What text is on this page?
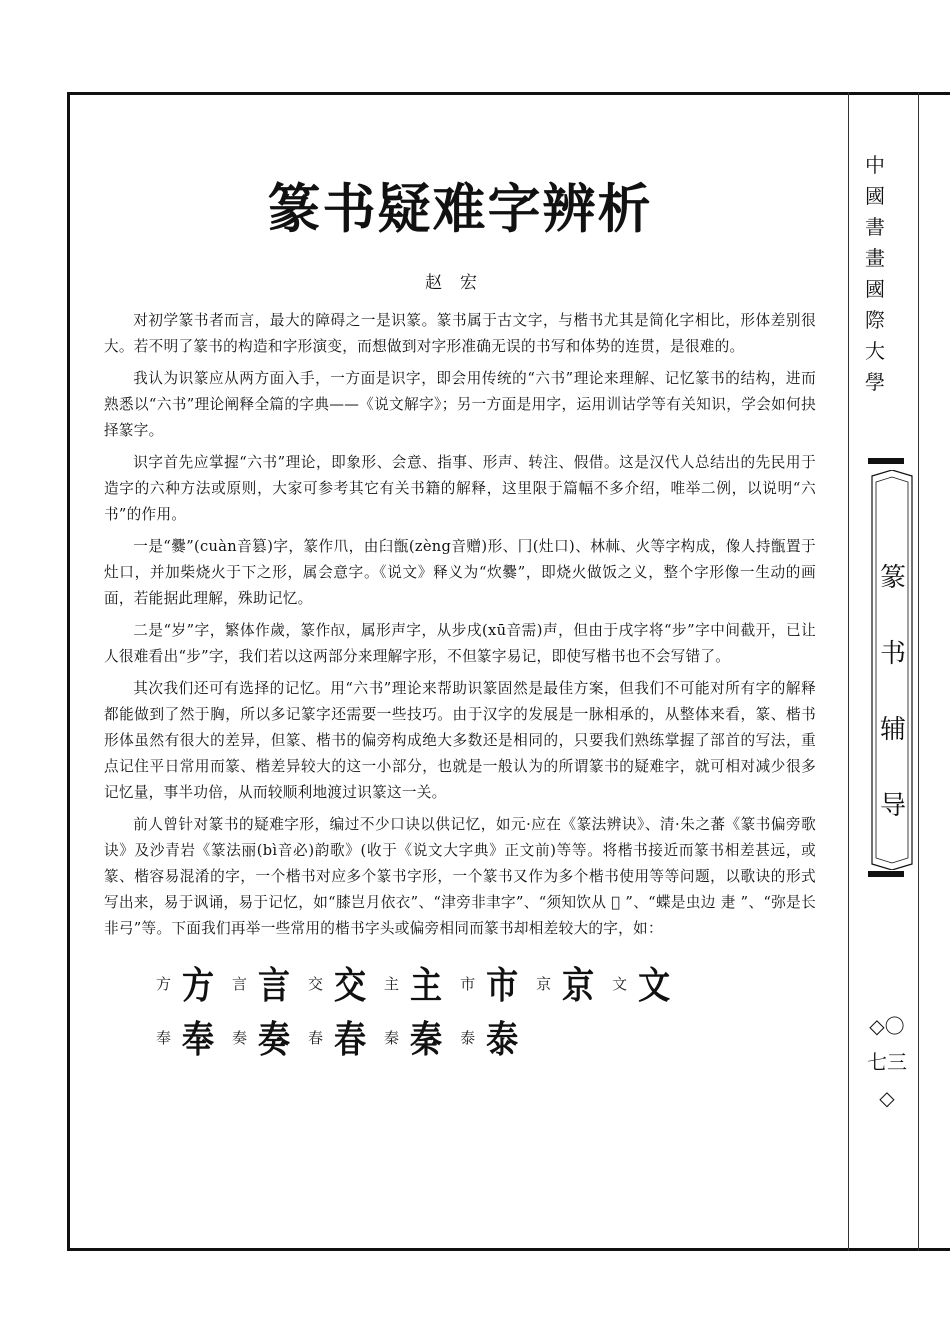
篆书疑难字辨析
赵宏

对初学篆书者而言，最大的障碍之一是识篆。篆书属于古文字，与楷书尤其是简化字相比，形体差别很大。若不明了篆书的构造和字形演变，而想做到对字形准确无误的书写和体势的连贯，是很难的。

我认为识篆应从两方面入手，一方面是识字，即会用传统的“六书”理论来理解、记忆篆书的结构，进而熟悉以“六书”理论阐释全篇的字典——《说文解字》；另一方面是用字，运用训诂学等有关知识，学会如何抉择篆字。

识字首先应掌握“六书”理论，即象形、会意、指事、形声、转注、假借。这是汉代人总结出的先民用于造字的六种方法或原则，大家可参考其它有关书籍的解释，这里限于篇幅不多介绍，唯举二例，以说明“六书”的作用。

一是“爨”(cuàn音篡)字，篆作𤓯，由𦥑甑(zèng音赠)形、冂(灶口)、林𣏟、火等字构成，像人持甑置于灶口，并加柴烧火于下之形，属会意字。《说文》释义为“炊爨”，即烧火做饭之义，整个字形像一生动的画面，若能据此理解，殊助记忆。

二是“岁”字，繁体作歲，篆作𣦻，属形声字，从步戌(xū音需)声，但由于戌字将“步”字中间截开，已让人很难看出“步”字，我们若以这两部分来理解字形，不但篆字易记，即使写楷书也不会写错了。

其次我们还可有选择的记忆。用“六书”理论来帮助识篆固然是最佳方案，但我们不可能对所有字的解释都能做到了然于胸，所以多记篆字还需要一些技巧。由于汉字的发展是一脉相承的，从整体来看，篆、楷书形体虽然有很大的差异，但篆、楷书的偏旁构成绝大多数还是相同的，只要我们熟练掌握了部首的写法，重点记住平日常用而篆、楷差异较大的这一小部分，也就是一般认为的所谓篆书的疑难字，就可相对减少很多记忆量，事半功倍，从而较顺利地渡过识篆这一关。

前人曾针对篆书的疑难字形，编过不少口诀以供记忆，如元·应在《篆法辨诀》、清·朱之蕃《篆书偏旁歌诀》及沙青岩《篆法丽(bì音必)韵歌》(收于《说文大字典》正文前)等等。将楷书接近而篆书相差甚远，或篆、楷容易混淆的字，一个楷书对应多个篆书字形，一个篆书又作为多个楷书使用等等问题，以歌诀的形式写出来，易于讽诵，易于记忆，如“膝岂月依衣”、“津旁非聿字”、“须知饮从 𠊊 ”、“蝶是虫边 疌 ”、“弥是长非弓”等。下面我们再举一些常用的楷书字头或偏旁相同而篆书却相差较大的字，如：

方 方 言 言 交 交 主 主 市 市 京 京 文 文
奉 奉 奏 奏 春 春 秦 秦 泰 泰
中國書畫國際大學
篆书辅导
◇〇七三◇
